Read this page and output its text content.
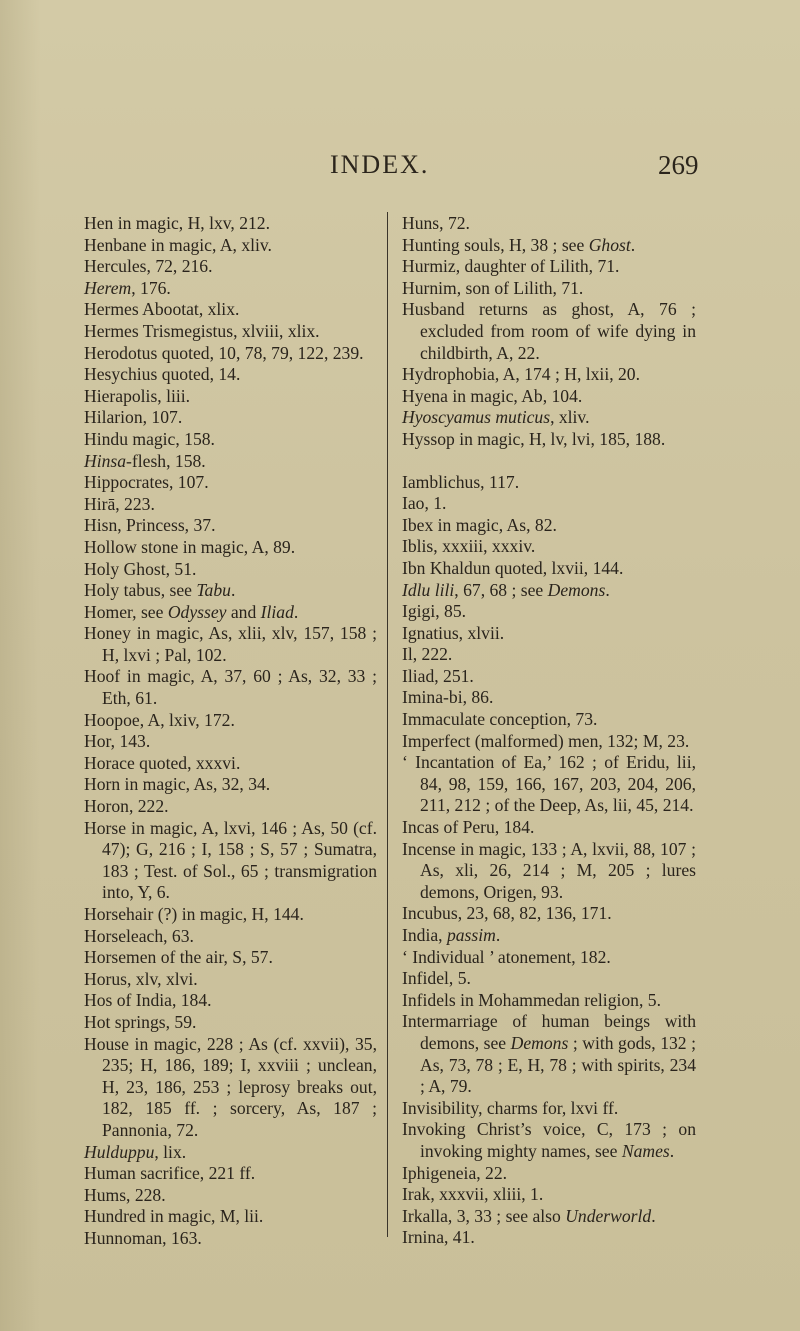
INDEX.	269
Hen in magic, H, lxv, 212.
Henbane in magic, A, xliv.
Hercules, 72, 216.
Herem, 176.
Hermes Abootat, xlix.
Hermes Trismegistus, xlviii, xlix.
Herodotus quoted, 10, 78, 79, 122, 239.
Hesychius quoted, 14.
Hierapolis, liii.
Hilarion, 107.
Hindu magic, 158.
Hinsa-flesh, 158.
Hippocrates, 107.
Hirā, 223.
Hisn, Princess, 37.
Hollow stone in magic, A, 89.
Holy Ghost, 51.
Holy tabus, see Tabu.
Homer, see Odyssey and Iliad.
Honey in magic, As, xlii, xlv, 157, 158 ; H, lxvi ; Pal, 102.
Hoof in magic, A, 37, 60 ; As, 32, 33 ; Eth, 61.
Hoopoe, A, lxiv, 172.
Hor, 143.
Horace quoted, xxxvi.
Horn in magic, As, 32, 34.
Horon, 222.
Horse in magic, A, lxvi, 146 ; As, 50 (cf. 47); G, 216 ; I, 158 ; S, 57 ; Sumatra, 183 ; Test. of Sol., 65 ; transmigration into, Y, 6.
Horsehair (?) in magic, H, 144.
Horseleach, 63.
Horsemen of the air, S, 57.
Horus, xlv, xlvi.
Hos of India, 184.
Hot springs, 59.
House in magic, 228 ; As (cf. xxvii), 35, 235; H, 186, 189; I, xxviii ; unclean, H, 23, 186, 253 ; leprosy breaks out, 182, 185 ff. ; sorcery, As, 187 ; Pannonia, 72.
Hulduppu, lix.
Human sacrifice, 221 ff.
Hums, 228.
Hundred in magic, M, lii.
Hunnoman, 163.
Huns, 72.
Hunting souls, H, 38 ; see Ghost.
Hurmiz, daughter of Lilith, 71.
Hurnim, son of Lilith, 71.
Husband returns as ghost, A, 76 ; excluded from room of wife dying in childbirth, A, 22.
Hydrophobia, A, 174 ; H, lxii, 20.
Hyena in magic, Ab, 104.
Hyoscyamus muticus, xliv.
Hyssop in magic, H, lv, lvi, 185, 188.
Iamblichus, 117.
Iao, 1.
Ibex in magic, As, 82.
Iblis, xxxiii, xxxiv.
Ibn Khaldun quoted, lxvii, 144.
Idlu lili, 67, 68 ; see Demons.
Igigi, 85.
Ignatius, xlvii.
Il, 222.
Iliad, 251.
Imina-bi, 86.
Immaculate conception, 73.
Imperfect (malformed) men, 132; M, 23.
‘ Incantation of Ea,’ 162 ; of Eridu, lii, 84, 98, 159, 166, 167, 203, 204, 206, 211, 212 ; of the Deep, As, lii, 45, 214.
Incas of Peru, 184.
Incense in magic, 133 ; A, lxvii, 88, 107 ; As, xli, 26, 214 ; M, 205 ; lures demons, Origen, 93.
Incubus, 23, 68, 82, 136, 171.
India, passim.
‘ Individual ’ atonement, 182.
Infidel, 5.
Infidels in Mohammedan religion, 5.
Intermarriage of human beings with demons, see Demons ; with gods, 132 ; As, 73, 78 ; E, H, 78 ; with spirits, 234 ; A, 79.
Invisibility, charms for, lxvi ff.
Invoking Christ’s voice, C, 173 ; on invoking mighty names, see Names.
Iphigeneia, 22.
Irak, xxxvii, xliii, 1.
Irkalla, 3, 33 ; see also Underworld.
Irnina, 41.
